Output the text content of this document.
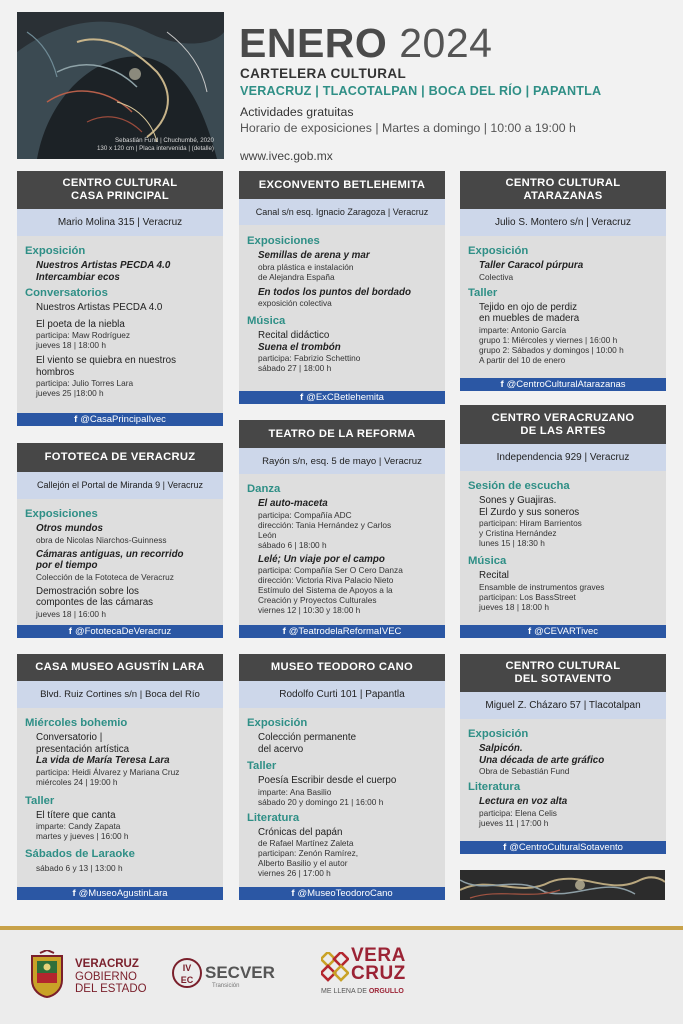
Sebastián Fund | Chuchumbé, 2020
130 x 120 cm | Placa intervenida | (detalle)
ENERO 2024
CARTELERA CULTURAL
VERACRUZ | TLACOTALPAN | BOCA DEL RÍO | PAPANTLA
Actividades gratuitas
Horario de exposiciones | Martes a domingo | 10:00 a 19:00 h
www.ivec.gob.mx
CENTRO CULTURAL
CASA PRINCIPAL
Mario Molina 315 | Veracruz
Exposición
Nuestros Artistas PECDA 4.0
Intercambiar ecos
Conversatorios
Nuestros Artistas PECDA 4.0
El poeta de la niebla
participa: Maw Rodríguez
jueves 18 | 18:00 h
El viento se quiebra en nuestros
hombros
participa: Julio Torres Lara
jueves 25 |18:00 h
f @CasaPrincipalIvec
EXCONVENTO BETLEHEMITA
Canal s/n esq. Ignacio Zaragoza | Veracruz
Exposiciones
Semillas de arena y mar
obra plástica e instalación
de Alejandra España
En todos los puntos del bordado
exposición colectiva
Música
Recital didáctico
Suena el trombón
participa: Fabrizio Schettino
sábado 27 | 18:00 h
f @ExCBetlehemita
CENTRO CULTURAL
ATARAZANAS
Julio S. Montero s/n | Veracruz
Exposición
Taller Caracol púrpura
Colectiva
Taller
Tejido en ojo de perdiz
en muebles de madera
imparte: Antonio García
grupo 1: Miércoles y viernes | 16:00 h
grupo 2: Sábados y domingos | 10:00 h
A partir del 10 de enero
f @CentroCulturalAtarazanas
FOTOTECA DE VERACRUZ
Callejón el Portal de Miranda 9 | Veracruz
Exposiciones
Otros mundos
obra de Nicolas Niarchos-Guinness
Cámaras antiguas, un recorrido
por el tiempo
Colección de la Fototeca de Veracruz
Demostración sobre los
compontes de las cámaras
jueves 18 | 16:00 h
f @FototecaDeVeracruz
TEATRO DE LA REFORMA
Rayón s/n, esq. 5 de mayo | Veracruz
Danza
El auto-maceta
participa: Compañía ADC
dirección: Tania Hernández y Carlos
León
sábado 6 | 18:00 h
Lelé; Un viaje por el campo
participa: Compañía Ser O Cero Danza
dirección: Victoria Riva Palacio Nieto
Estímulo del Sistema de Apoyos a la
Creación y Proyectos Culturales
viernes 12 | 10:30 y 18:00 h
f @TeatrodelaReformaIVEC
CENTRO VERACRUZANO
DE LAS ARTES
Independencia 929 | Veracruz
Sesión de escucha
Sones y Guajiras.
El Zurdo y sus soneros
participan: Hiram Barrientos
y Cristina Hernández
lunes 15 | 18:30 h
Música
Recital
Ensamble de instrumentos graves
participan: Los BassStreet
jueves 18 | 18:00 h
f @CEVARTivec
CASA MUSEO AGUSTÍN LARA
Blvd. Ruiz Cortines s/n | Boca del Río
Miércoles bohemio
Conversatorio |
presentación artística
La vida de María Teresa Lara
participa: Heidi Álvarez y Mariana Cruz
miércoles 24 | 19:00 h
Taller
El títere que canta
imparte: Candy Zapata
martes y jueves | 16:00 h
Sábados de Laraoke
sábado 6 y 13 | 13:00 h
f @MuseoAgustinLara
MUSEO TEODORO CANO
Rodolfo Curti 101 | Papantla
Exposición
Colección permanente
del acervo
Taller
Poesía Escribir desde el cuerpo
imparte: Ana Basilio
sábado 20 y domingo 21 | 16:00 h
Literatura
Crónicas del papán
de Rafael Martínez Zaleta
participan: Zenón Ramírez,
Alberto Basilio y el autor
viernes 26 | 17:00 h
f @MuseoTeodoroCano
CENTRO CULTURAL
DEL SOTAVENTO
Miguel Z. Cházaro 57 | Tlacotalpan
Exposición
Salpicón.
Una década de arte gráfico
Obra de Sebastián Fund
Literatura
Lectura en voz alta
participa: Elena Celis
jueves 11 | 17:00 h
f @CentroCulturalSotavento
VERACRUZ
GOBIERNO
DEL ESTADO
IV
EC SECVER
Transición
VERA
CRUZ
ME LLENA DE ORGULLO
